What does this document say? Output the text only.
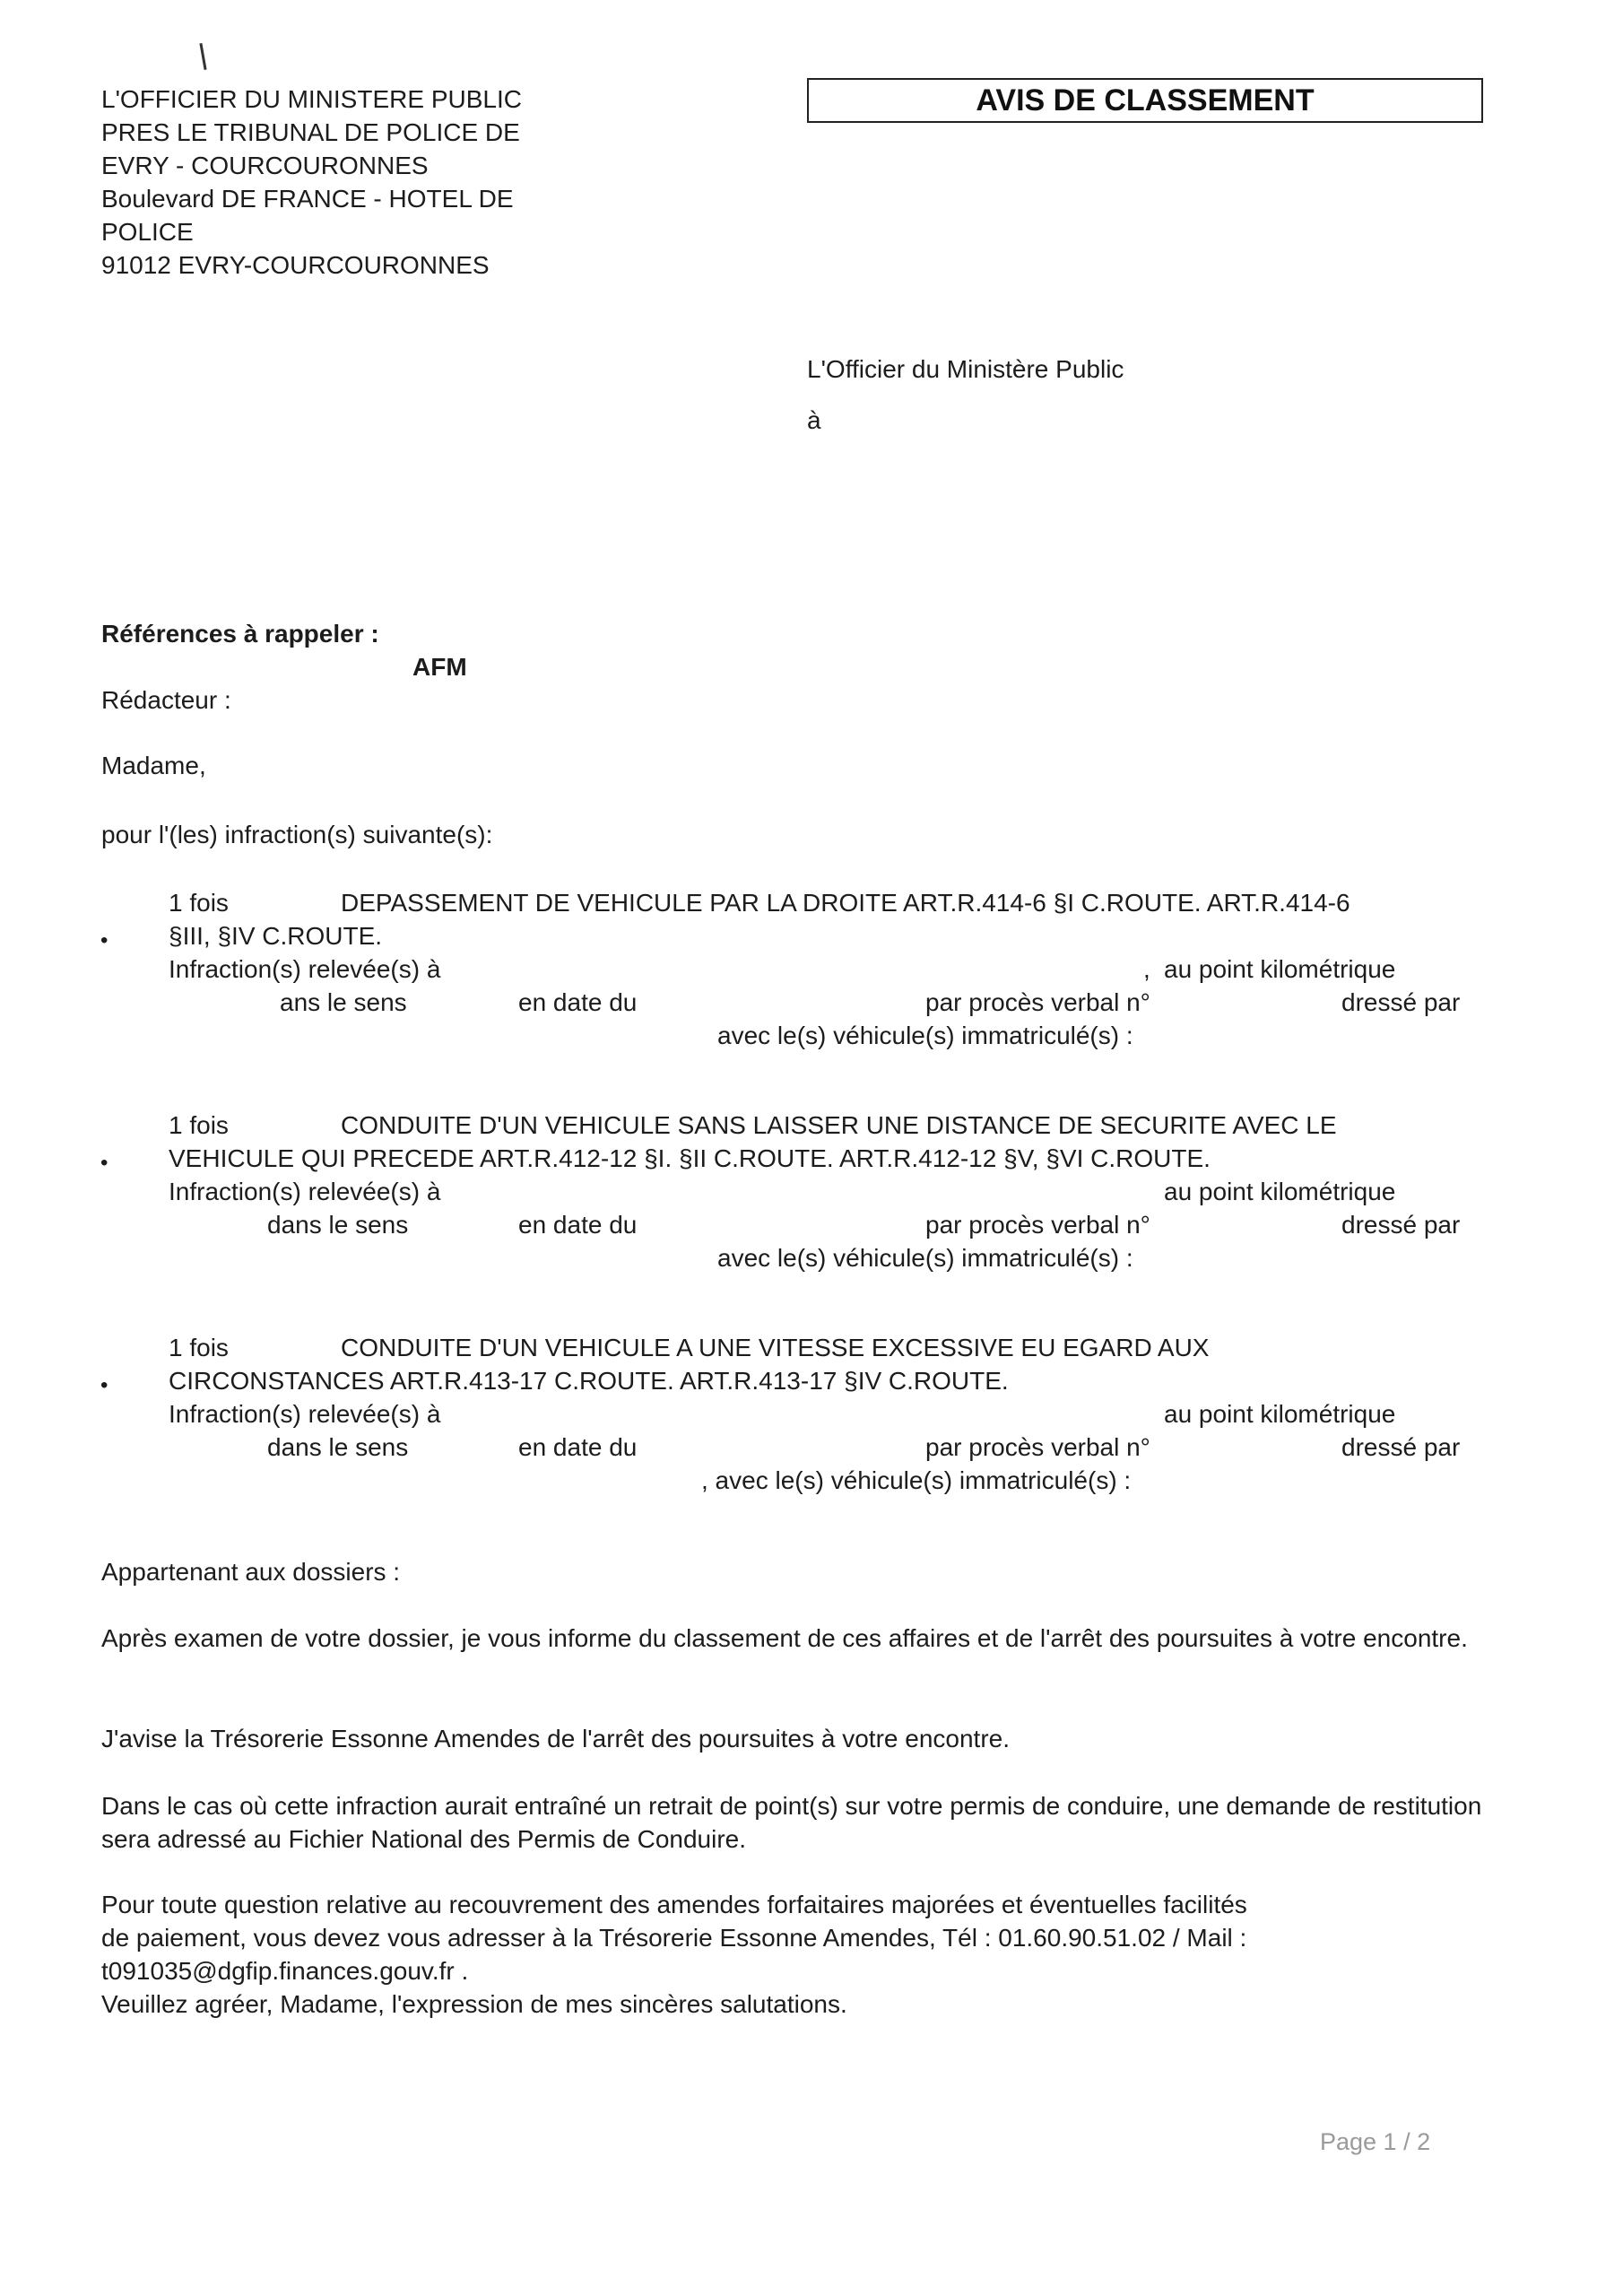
L'OFFICIER DU MINISTERE PUBLIC
PRES LE TRIBUNAL DE POLICE DE
EVRY - COURCOURONNES
Boulevard DE FRANCE - HOTEL DE
POLICE
91012 EVRY-COURCOURONNES
AVIS DE CLASSEMENT
L'Officier du Ministère Public
à
Références à rappeler :
AFM
Rédacteur :
Madame,
pour l'(les) infraction(s) suivante(s):
1 fois	DEPASSEMENT DE VEHICULE PAR LA DROITE ART.R.414-6 §I C.ROUTE. ART.R.414-6
• §III, §IV C.ROUTE.
Infraction(s) relevée(s) à	, au point kilométrique
ans le sens	en date du	par procès verbal n°	dressé par
avec le(s) véhicule(s) immatriculé(s) :
1 fois	CONDUITE D'UN VEHICULE SANS LAISSER UNE DISTANCE DE SECURITE AVEC LE
• VEHICULE QUI PRECEDE ART.R.412-12 §I. §II C.ROUTE. ART.R.412-12 §V, §VI C.ROUTE.
Infraction(s) relevée(s) à	au point kilométrique
dans le sens	en date du	par procès verbal n°	dressé par
avec le(s) véhicule(s) immatriculé(s) :
1 fois	CONDUITE D'UN VEHICULE A UNE VITESSE EXCESSIVE EU EGARD AUX
• CIRCONSTANCES ART.R.413-17 C.ROUTE. ART.R.413-17 §IV C.ROUTE.
Infraction(s) relevée(s) à	au point kilométrique
dans le sens	en date du	par procès verbal n°	dressé par
, avec le(s) véhicule(s) immatriculé(s) :
Appartenant aux dossiers :
Après examen de votre dossier, je vous informe du classement de ces affaires et de l'arrêt des poursuites à votre encontre.
J'avise la Trésorerie Essonne Amendes de l'arrêt des poursuites à votre encontre.
Dans le cas où cette infraction aurait entraîné un retrait de point(s) sur votre permis de conduire, une demande de restitution sera adressé au Fichier National des Permis de Conduire.
Pour toute question relative au recouvrement des amendes forfaitaires majorées et éventuelles facilités
de paiement, vous devez vous adresser à la Trésorerie Essonne Amendes, Tél : 01.60.90.51.02 / Mail :
t091035@dgfip.finances.gouv.fr .
Veuillez agréer, Madame, l'expression de mes sincères salutations.
Page 1 / 2
